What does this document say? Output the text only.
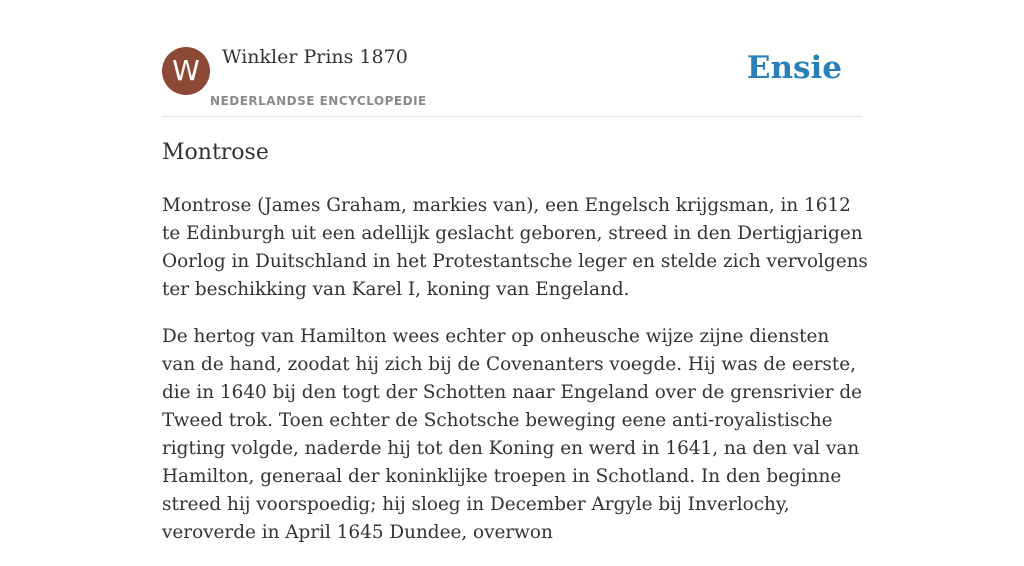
W	Winkler Prins 1870
NEDERLANDSE ENCYCLOPEDIE
Ensie
Montrose

Montrose (James Graham, markies van), een Engelsch krijgsman, in 1612 te Edinburgh uit een adellijk geslacht geboren, streed in den Dertigjarigen Oorlog in Duitschland in het Protestantsche leger en stelde zich vervolgens ter beschikking van Karel I, koning van Engeland.

De hertog van Hamilton wees echter op onheusche wijze zijne diensten van de hand, zoodat hij zich bij de Covenanters voegde. Hij was de eerste, die in 1640 bij den togt der Schotten naar Engeland over de grensrivier de Tweed trok. Toen echter de Schotsche beweging eene anti-royalistische rigting volgde, naderde hij tot den Koning en werd in 1641, na den val van Hamilton, generaal der koninklijke troepen in Schotland. In den beginne streed hij voorspoedig; hij sloeg in December Argyle bij Inverlochy, veroverde in April 1645 Dundee, overwon
